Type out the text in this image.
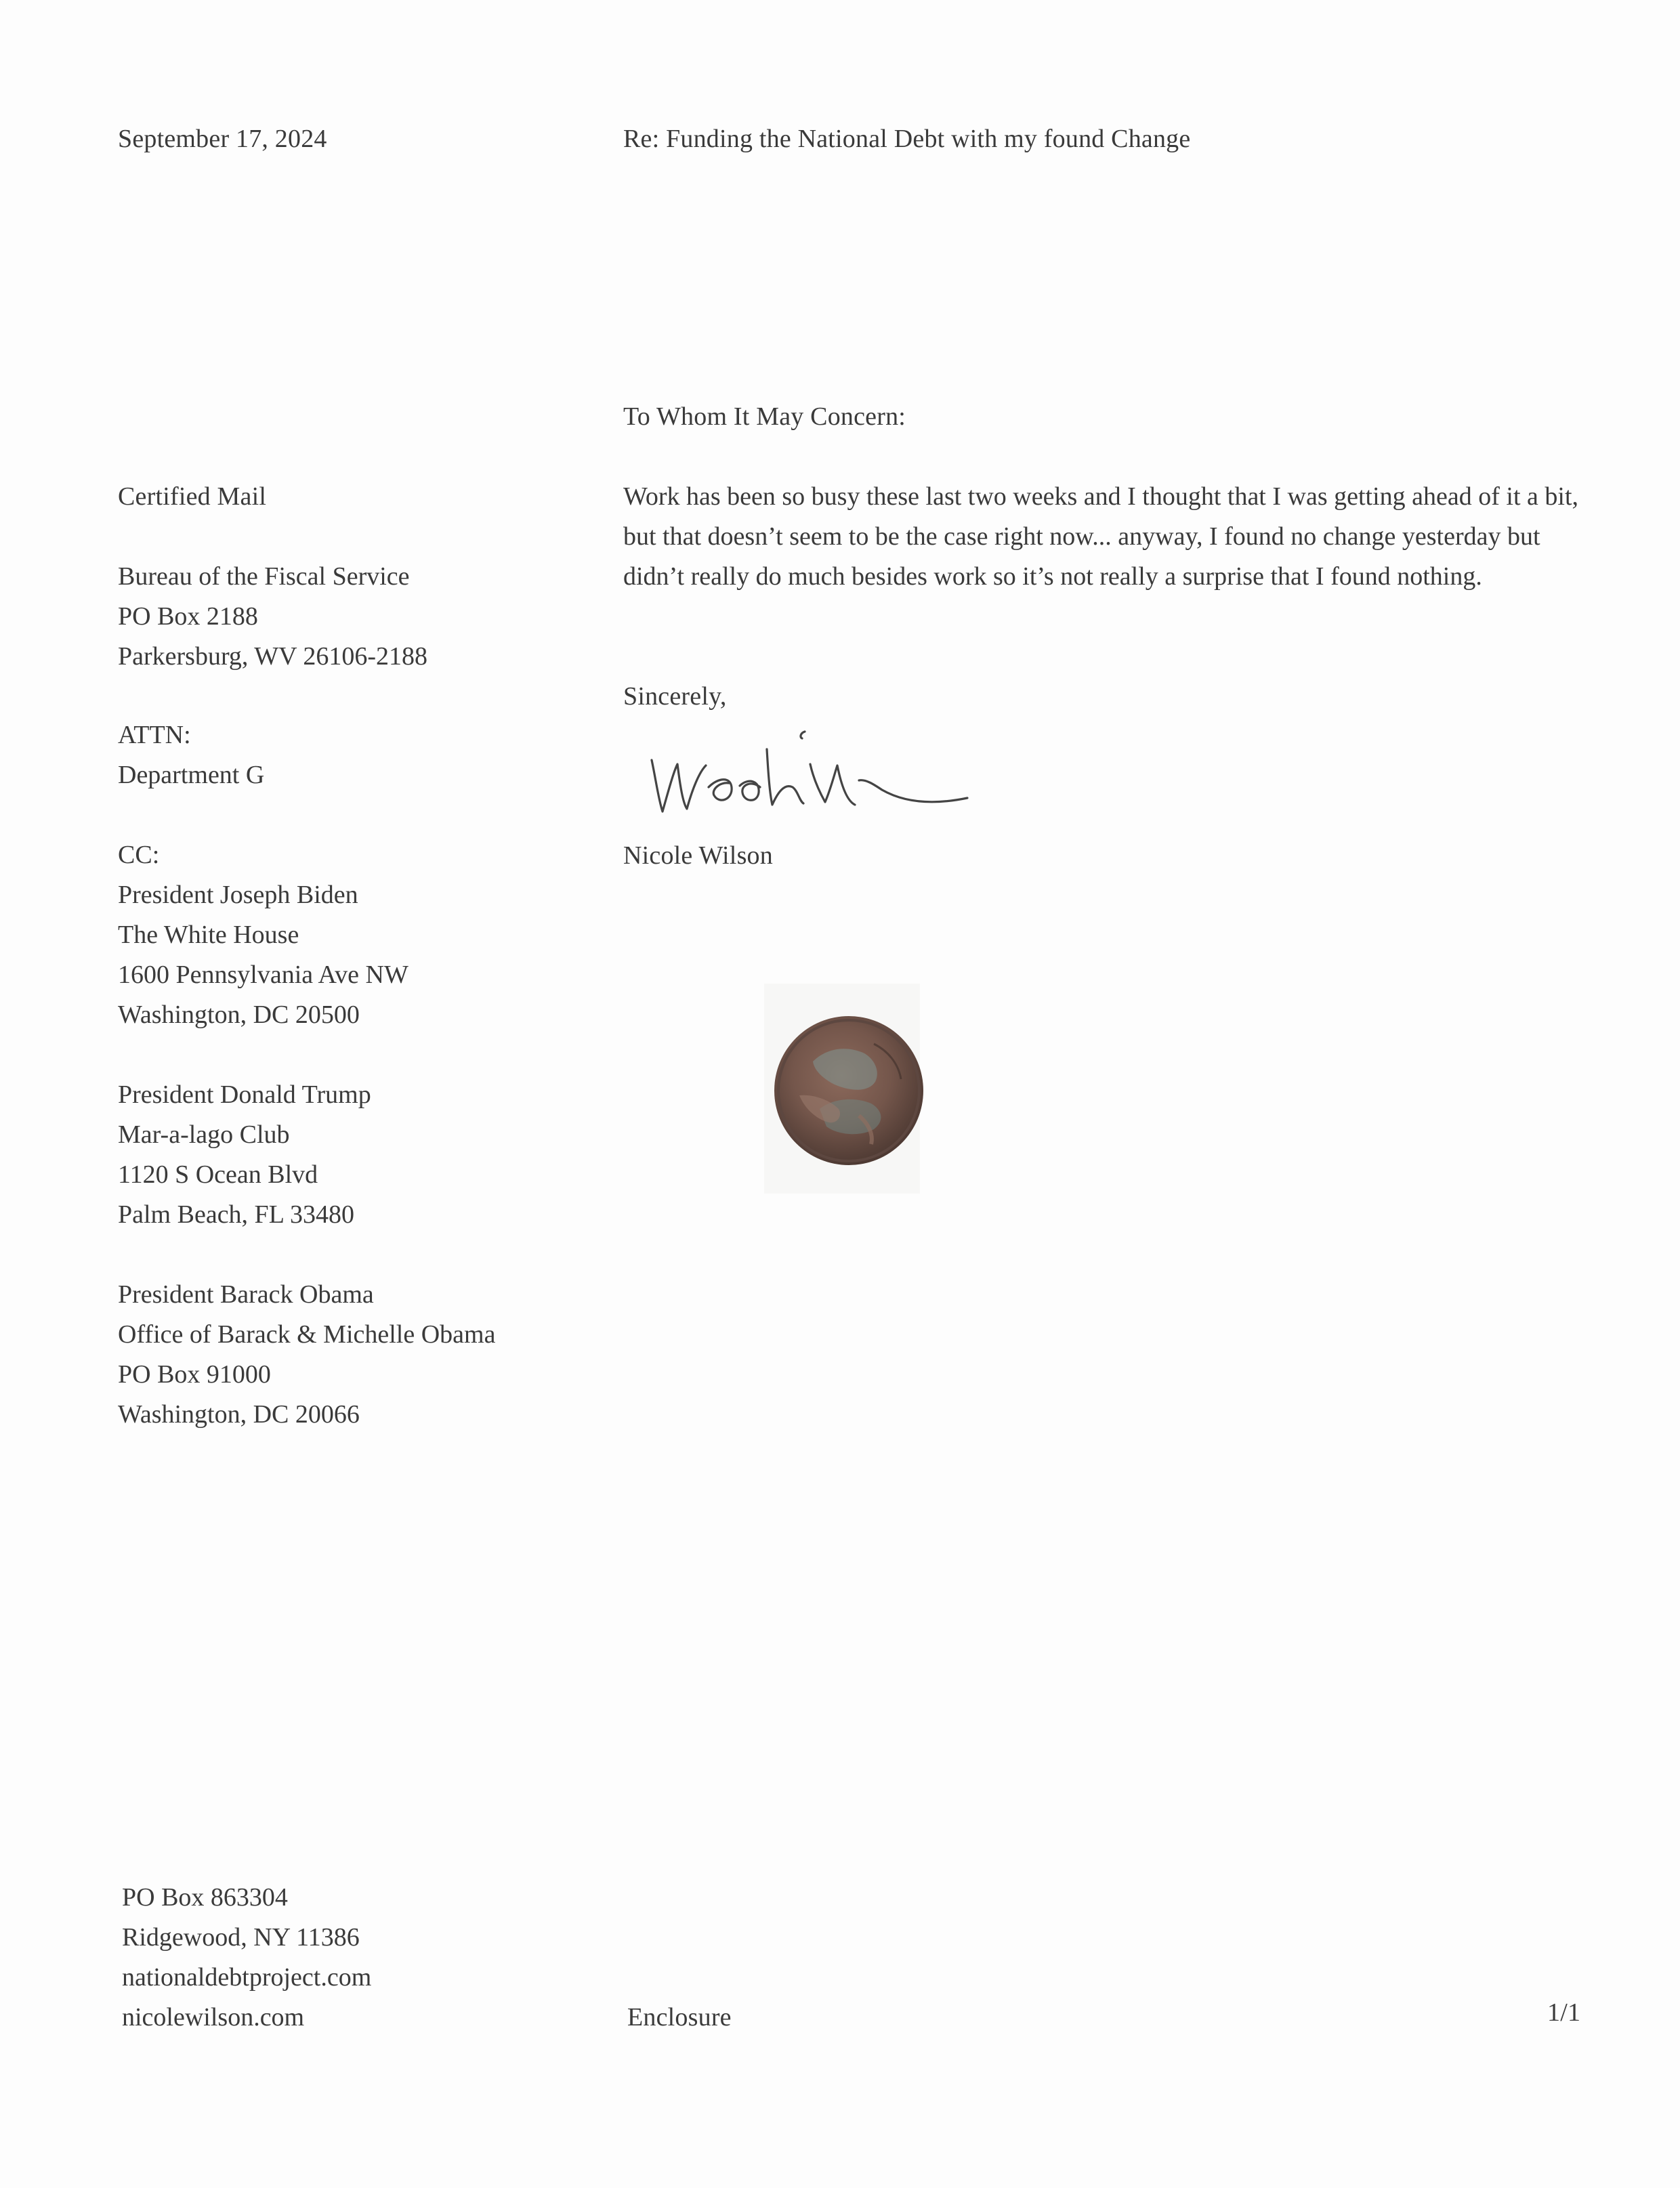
September 17, 2024	Re: Funding the National Debt with my found Change
To Whom It May Concern:
Certified Mail
Bureau of the Fiscal Service
PO Box 2188
Parkersburg, WV 26106-2188
ATTN:
Department G
CC:
President Joseph Biden
The White House
1600 Pennsylvania Ave NW
Washington, DC 20500
President Donald Trump
Mar-a-lago Club
1120 S Ocean Blvd
Palm Beach, FL 33480
President Barack Obama
Office of Barack & Michelle Obama
PO Box 91000
Washington, DC 20066
Work has been so busy these last two weeks and I thought that I was getting ahead of it a bit, but that doesn’t seem to be the case right now... anyway, I found no change yesterday but didn’t really do much besides work so it’s not really a surprise that I found nothing.
Sincerely,
Nicole Wilson
PO Box 863304
Ridgewood, NY 11386
nationaldebtproject.com
nicolewilson.com	Enclosure	1/1
